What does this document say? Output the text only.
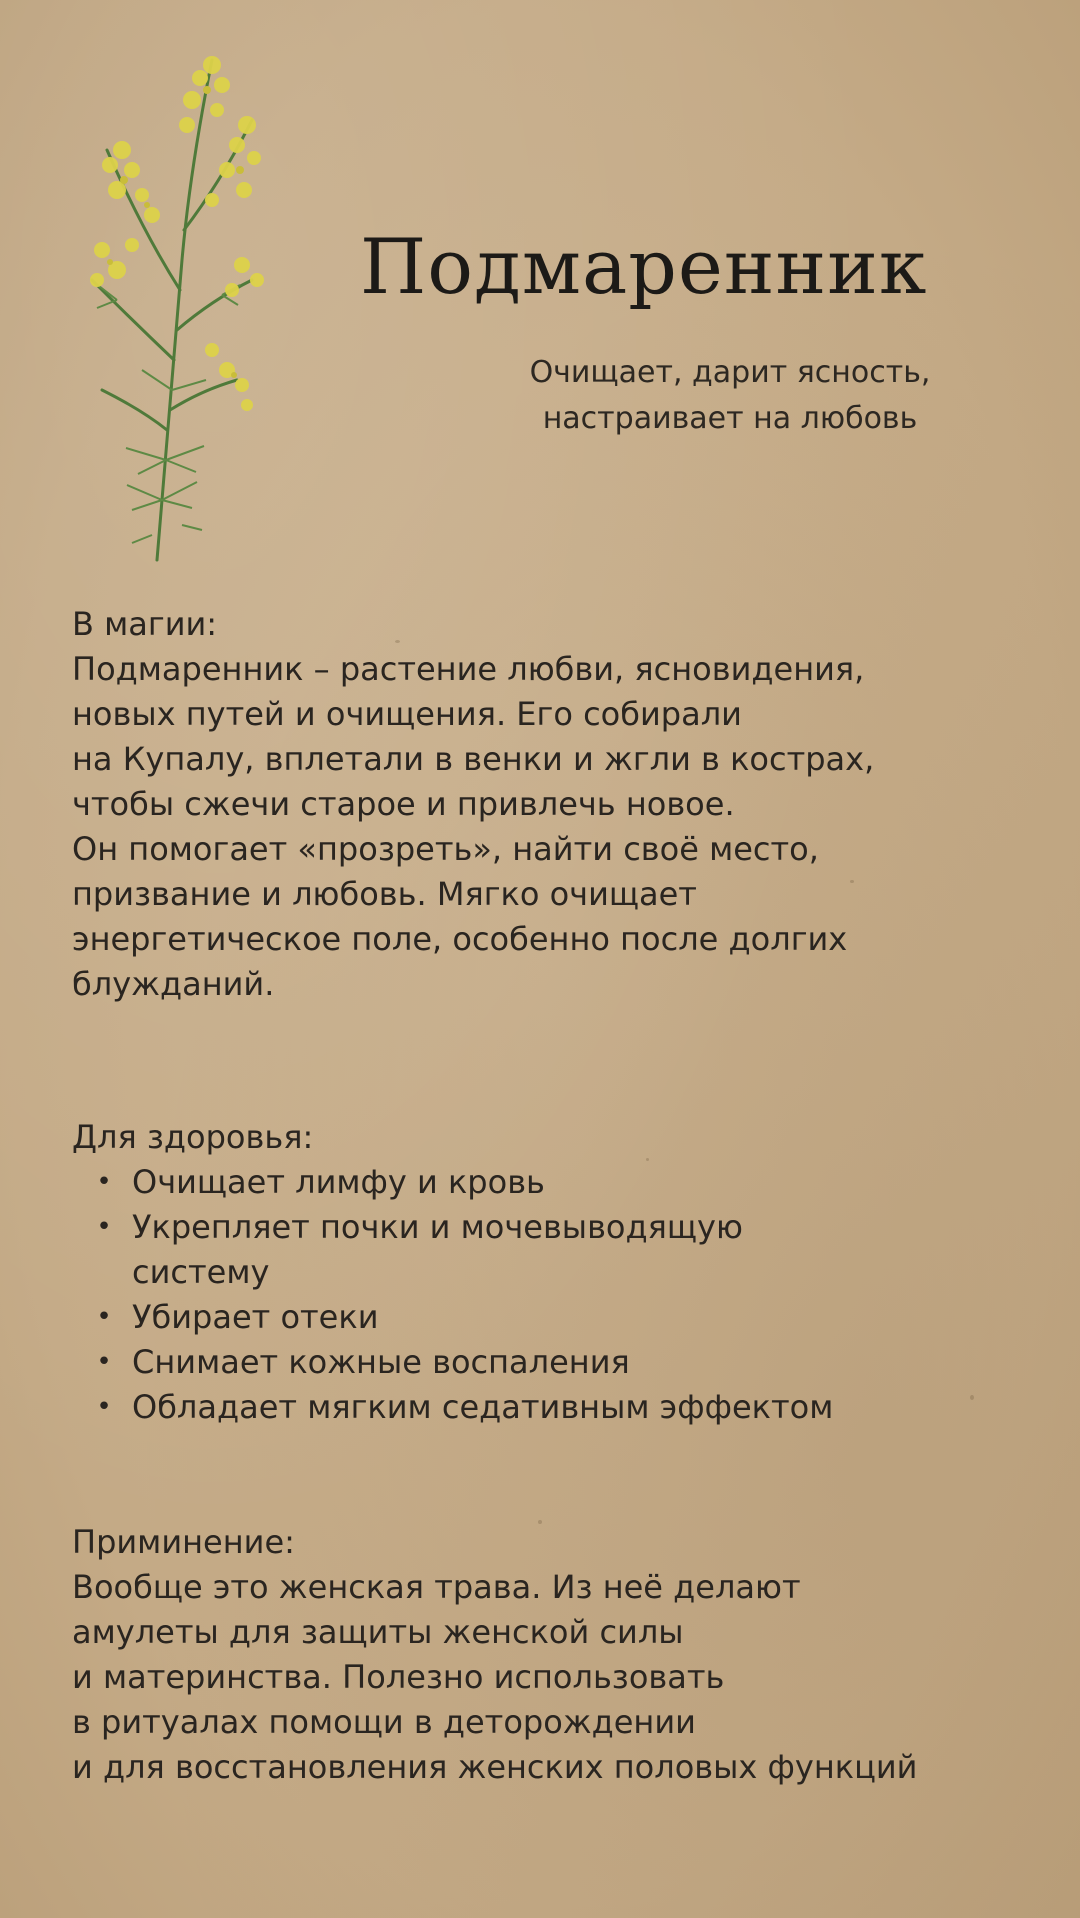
Подмаренник
Очищает, дарит ясность,
настраивает на любовь
В магии:
Подмаренник – растение любви, ясновидения,
новых путей и очищения. Его собирали
на Купалу, вплетали в венки и жгли в кострах,
чтобы сжечи старое и привлечь новое.
Он помогает «прозреть», найти своё место,
призвание и любовь. Мягко очищает
энергетическое поле, особенно после долгих
блужданий.
Для здоровья:
• Очищает лимфу и кровь
• Укрепляет почки и мочевыводящую
систему
• Убирает отеки
• Снимает кожные воспаления
• Обладает мягким седативным эффектом
Приминение:
Вообще это женская трава. Из неё делают
амулеты для защиты женской силы
и материнства. Полезно использовать
в ритуалах помощи в деторождении
и для восстановления женских половых функций
